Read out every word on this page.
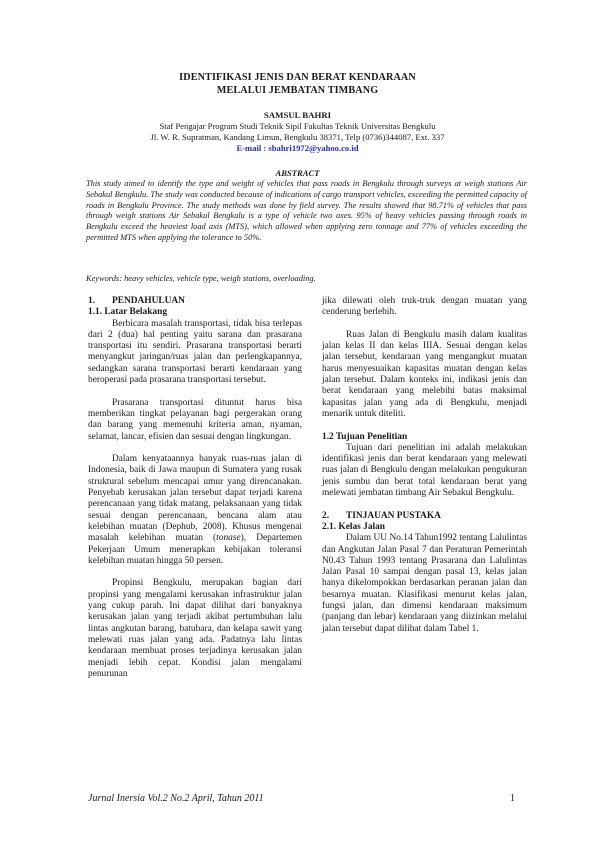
IDENTIFIKASI JENIS DAN BERAT KENDARAAN
MELALUI JEMBATAN TIMBANG
SAMSUL BAHRI
Staf Pengajar Program Studi Teknik Sipil Fakultas Teknik Universitas Bengkulu
Jl. W. R. Supratman, Kandang Limun, Bengkulu 38371, Telp (0736)344087, Ext. 337
E-mail : sbahri1972@yahoo.co.id
ABSTRACT

This study aimed to identify the type and weight of vehicles that pass roads in Bengkulu through surveys at weigh stations Air Sebakul Bengkulu. The study was conducted because of indications of cargo transport vehicles, exceeding the permitted capacity of roads in Bengkulu Province. The study methods was done by field survey. The results showed that 98.71% of vehicles that pass through weigh stations Air Sebakul Bengkulu is a type of vehicle two axes. 95% of heavy vehicles passing through roads in Bengkulu exceed the heaviest load axis (MTS), which allowed when applying zero tonnage and 77% of vehicles exceeding the permitted MTS when applying the tolerance to 50%.

Keywords: heavy vehicles, vehicle type, weigh stations, overloading.

1. PENDAHULUAN

1.1. Latar Belakang

Berbicara masalah transportasi, tidak bisa terlepas dari 2 (dua) hal penting yaitu sarana dan prasarana transportasi itu sendiri. Prasarana transportasi berarti menyangkut jaringan/ruas jalan dan perlengkapannya, sedangkan sarana transportasi berarti kendaraan yang beroperasi pada prasarana transportasi tersebut.

Prasarana transportasi dituntut harus bisa memberikan tingkat pelayanan bagi pergerakan orang dan barang yang memenuhi kriteria aman, nyaman, selamat, lancar, efisien dan sesuai dengan lingkungan.

Dalam kenyataannya banyak ruas-ruas jalan di Indonesia, baik di Jawa maupun di Sumatera yang rusak struktural sebelum mencapai umur yang direncanakan. Penyebab kerusakan jalan tersebut dapat terjadi karena perencanaan yang tidak matang, pelaksanaan yang tidak sesuai dengan perencanaan, bencana alam atau kelebihan muatan (Dephub, 2008). Khusus mengenai masalah kelebihan muatan (tonase), Departemen Pekerjaan Umum menerapkan kebijakan toleransi kelebihan muatan hingga 50 persen.

Propinsi Bengkulu, merupakan bagian dari propinsi yang mengalami kerusakan infrastruktur jalan yang cukup parah. Ini dapat dilihat dari banyaknya kerusakan jalan yang terjadi akibat pertumbuhan lalu lintas angkutan barang, batubara, dan kelapa sawit yang melewati ruas jalan yang ada. Padatnya lalu lintas kendaraan membuat proses terjadinya kerusakan jalan menjadi lebih cepat. Kondisi jalan mengalami penurunan

jika dilewati oleh truk-truk dengan muatan yang cenderung berlebih.

Ruas Jalan di Bengkulu masih dalam kualitas jalan kelas II dan kelas IIIA. Sesuai dengan kelas jalan tersebut, kendaraan yang mengangkut muatan harus menyesuaikan kapasitas muatan dengan kelas jalan tersebut. Dalam konteks ini, indikasi jenis dan berat kendaraan yang melebihi batas maksimal kapasitas jalan yang ada di Bengkulu, menjadi menarik untuk diteliti.

1.2 Tujuan Penelitian

Tujuan dari penelitian ini adalah melakukan identifikasi jenis dan berat kendaraan yang melewati ruas jalan di Bengkulu dengan melakukan pengukuran jenis sumbu dan berat total kendaraan berat yang melewati jembatan timbang Air Sebakul Bengkulu.

2. TINJAUAN PUSTAKA

2.1. Kelas Jalan

Dalam UU No.14 Tahun1992 tentang Lalulintas dan Angkutan Jalan Pasal 7 dan Peraturan Pemerintah N0.43 Tahun 1993 tentang Prasarana dan Lalulintas Jalan Pasal 10 sampai dengan pasal 13, kelas jalan hanya dikelompokkan berdasarkan peranan jalan dan besarnya muatan. Klasifikasi menurut kelas jalan, fungsi jalan, dan dimensi kendaraan maksimum (panjang dan lebar) kendaraan yang diizinkan melalui jalan tersebut dapat dilihat dalam Tabel 1.

Jurnal Inersia Vol.2 No.2 April, Tahun 2011	1
